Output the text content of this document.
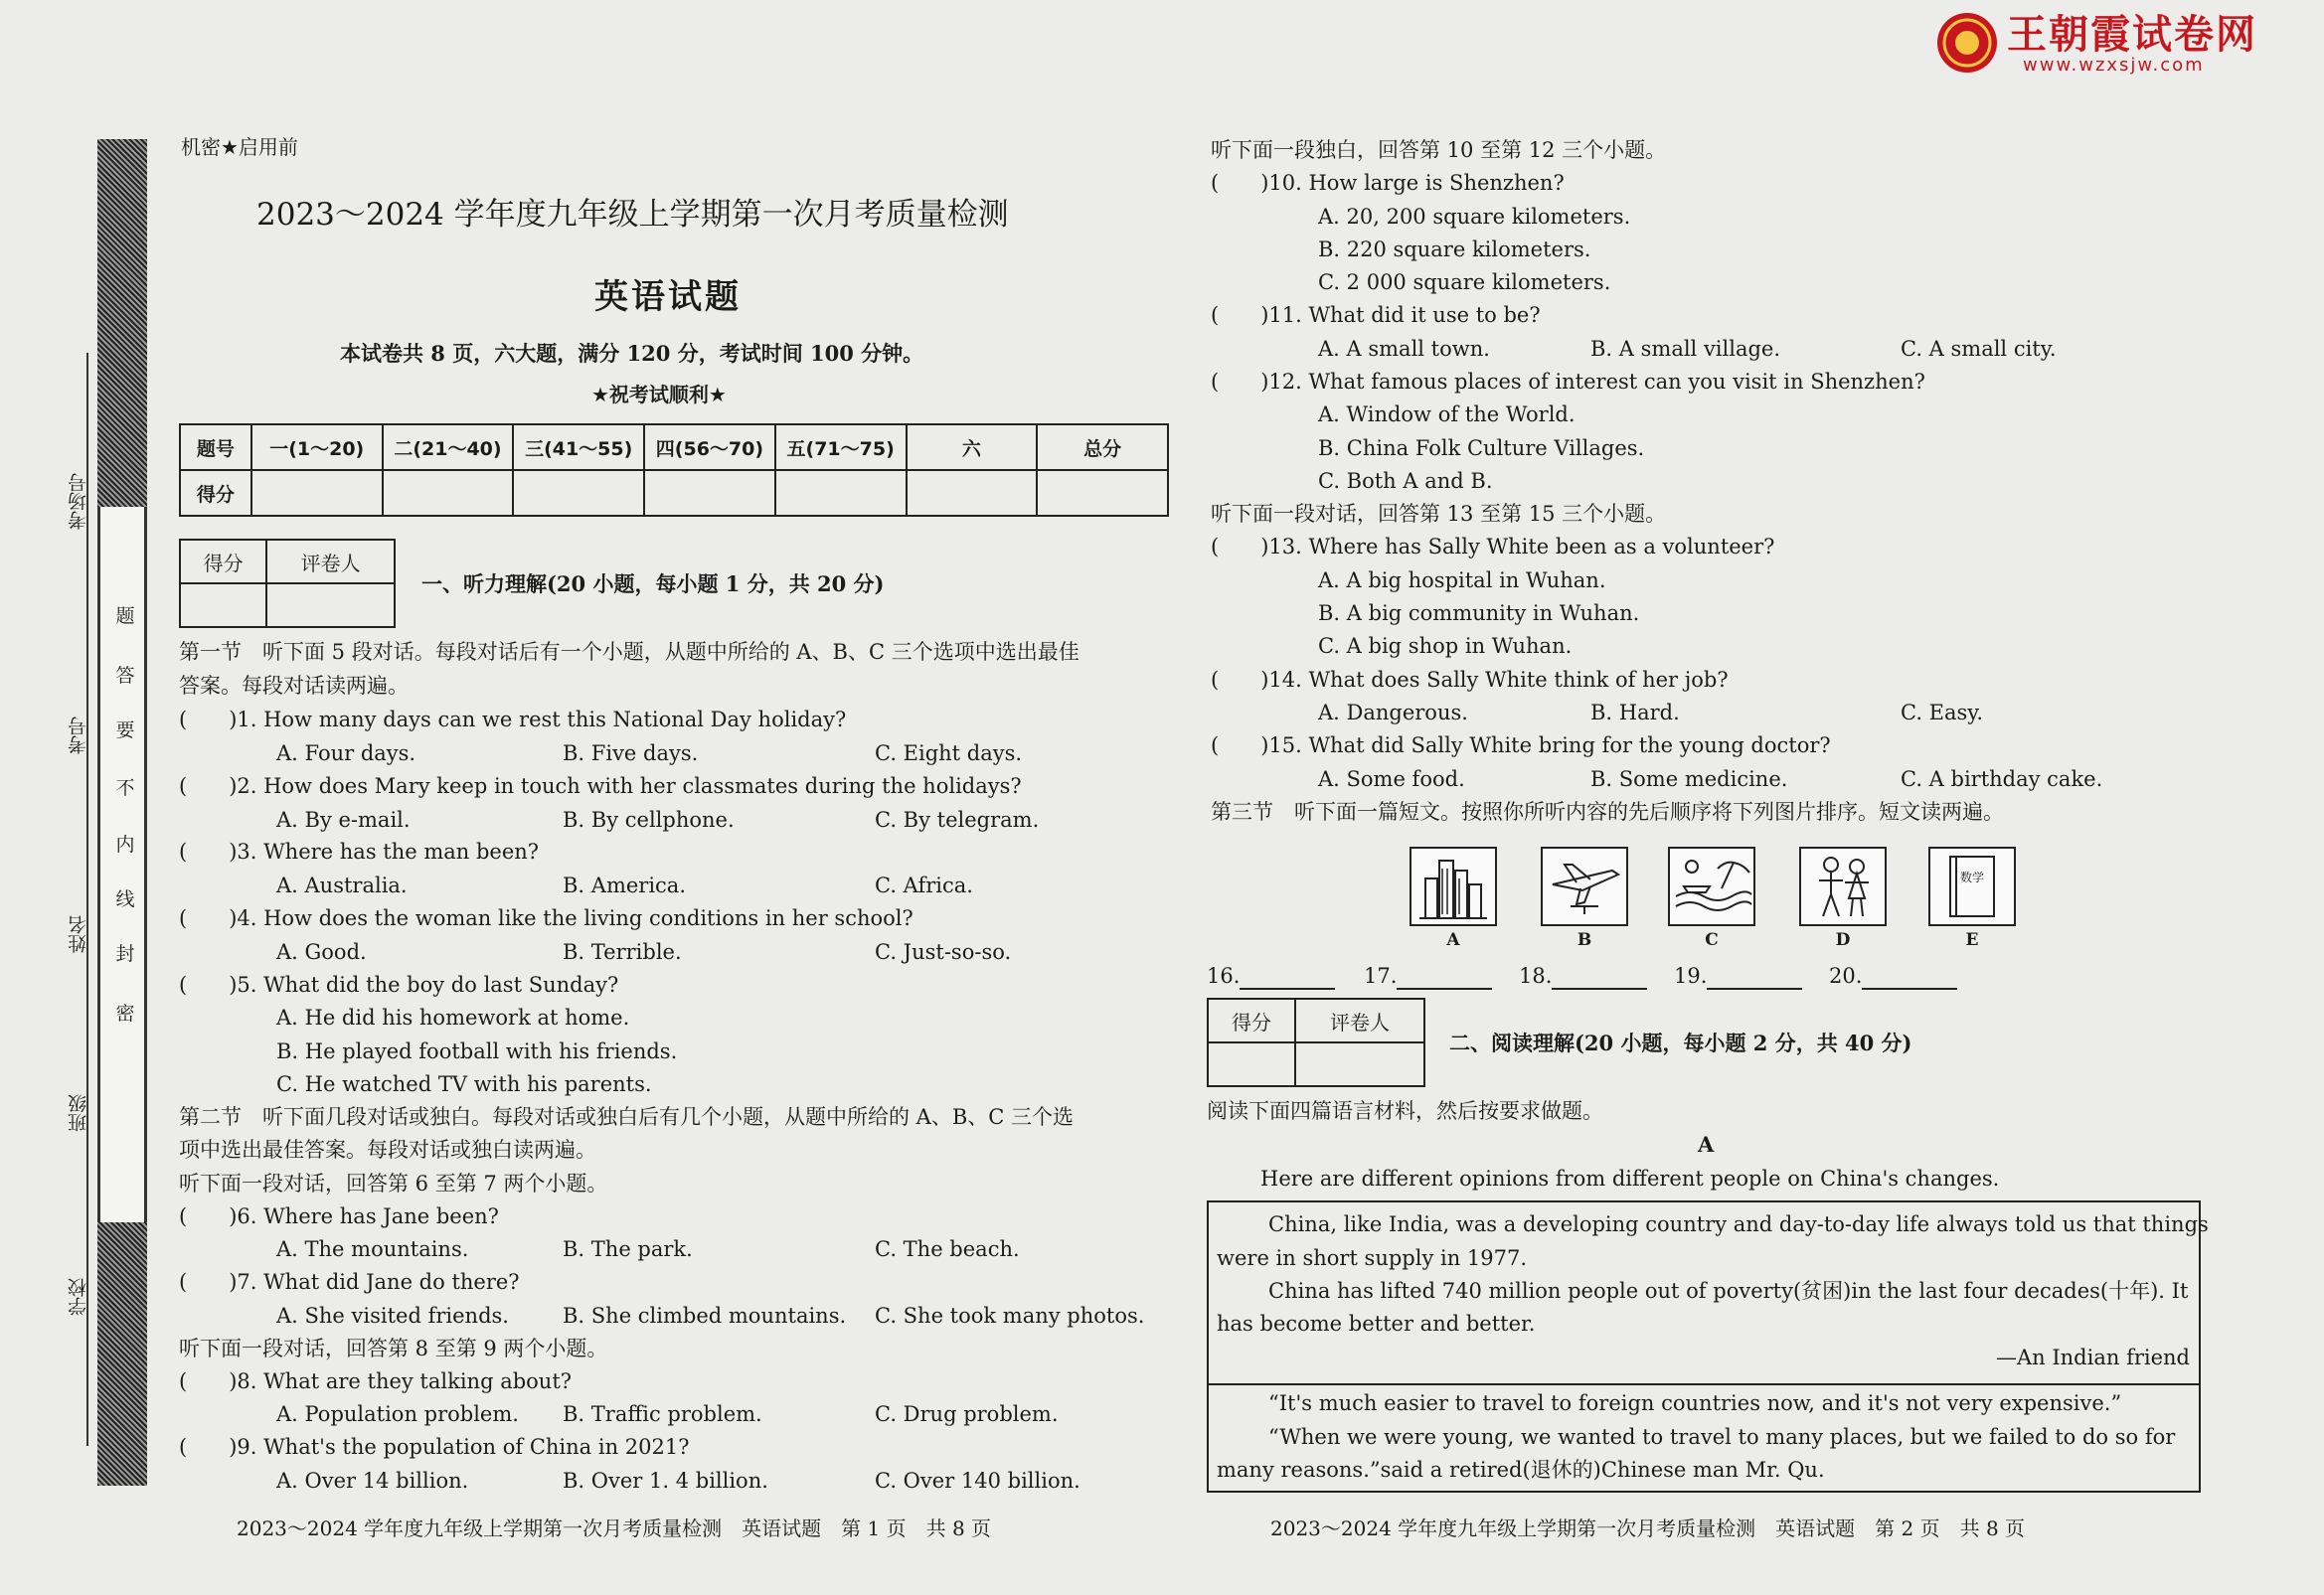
王朝霞试卷网
www.wzxsjw.com
考场号
考号
姓名
班级
学校
密
封
线
内
不
要
答
题
机密★启用前
2023～2024 学年度九年级上学期第一次月考质量检测
英语试题
本试卷共 8 页，六大题，满分 120 分，考试时间 100 分钟。
★祝考试顺利★
题号	一(1～20)	二(21～40)	三(41～55)	四(56～70)	五(71～75)	六	总分
得分							
得分	评卷人

一、听力理解(20 小题，每小题 1 分，共 20 分)
第一节　听下面 5 段对话。每段对话后有一个小题，从题中所给的 A、B、C 三个选项中选出最佳
答案。每段对话读两遍。
(　　)1. How many days can we rest this National Day holiday?
A. Four days.	B. Five days.	C. Eight days.
(　　)2. How does Mary keep in touch with her classmates during the holidays?
A. By e-mail.	B. By cellphone.	C. By telegram.
(　　)3. Where has the man been?
A. Australia.	B. America.	C. Africa.
(　　)4. How does the woman like the living conditions in her school?
A. Good.	B. Terrible.	C. Just-so-so.
(　　)5. What did the boy do last Sunday?
A. He did his homework at home.
B. He played football with his friends.
C. He watched TV with his parents.
第二节　听下面几段对话或独白。每段对话或独白后有几个小题，从题中所给的 A、B、C 三个选
项中选出最佳答案。每段对话或独白读两遍。
听下面一段对话，回答第 6 至第 7 两个小题。
(　　)6. Where has Jane been?
A. The mountains.	B. The park.	C. The beach.
(　　)7. What did Jane do there?
A. She visited friends.	B. She climbed mountains. C. She took many photos.
听下面一段对话，回答第 8 至第 9 两个小题。
(　　)8. What are they talking about?
A. Population problem. B. Traffic problem.	C. Drug problem.
(　　)9. What's the population of China in 2021?
A. Over 14 billion.	B. Over 1. 4 billion.	C. Over 140 billion.
2023～2024 学年度九年级上学期第一次月考质量检测　英语试题　第 1 页　共 8 页
听下面一段独白，回答第 10 至第 12 三个小题。
(　　)10. How large is Shenzhen?
A. 20, 200 square kilometers.
B. 220 square kilometers.
C. 2 000 square kilometers.
(　　)11. What did it use to be?
A. A small town.	B. A small village.	C. A small city.
(　　)12. What famous places of interest can you visit in Shenzhen?
A. Window of the World.
B. China Folk Culture Villages.
C. Both A and B.
听下面一段对话，回答第 13 至第 15 三个小题。
(　　)13. Where has Sally White been as a volunteer?
A. A big hospital in Wuhan.
B. A big community in Wuhan.
C. A big shop in Wuhan.
(　　)14. What does Sally White think of her job?
A. Dangerous.	B. Hard.	C. Easy.
(　　)15. What did Sally White bring for the young doctor?
A. Some food.	B. Some medicine.	C. A birthday cake.
第三节　听下面一篇短文。按照你所听内容的先后顺序将下列图片排序。短文读两遍。
A	B	C	D
数学
E
16.	17.	18.	19.	20.
得分	评卷人

二、阅读理解(20 小题，每小题 2 分，共 40 分)
阅读下面四篇语言材料，然后按要求做题。
A
Here are different opinions from different people on China's changes.
China, like India, was a developing country and day-to-day life always told us that things
were in short supply in 1977.
China has lifted 740 million people out of poverty(贫困)in the last four decades(十年). It
has become better and better.
—An Indian friend
“It's much easier to travel to foreign countries now, and it's not very expensive.”
“When we were young, we wanted to travel to many places, but we failed to do so for
many reasons.”said a retired(退休的)Chinese man Mr. Qu.
2023～2024 学年度九年级上学期第一次月考质量检测　英语试题　第 2 页　共 8 页
